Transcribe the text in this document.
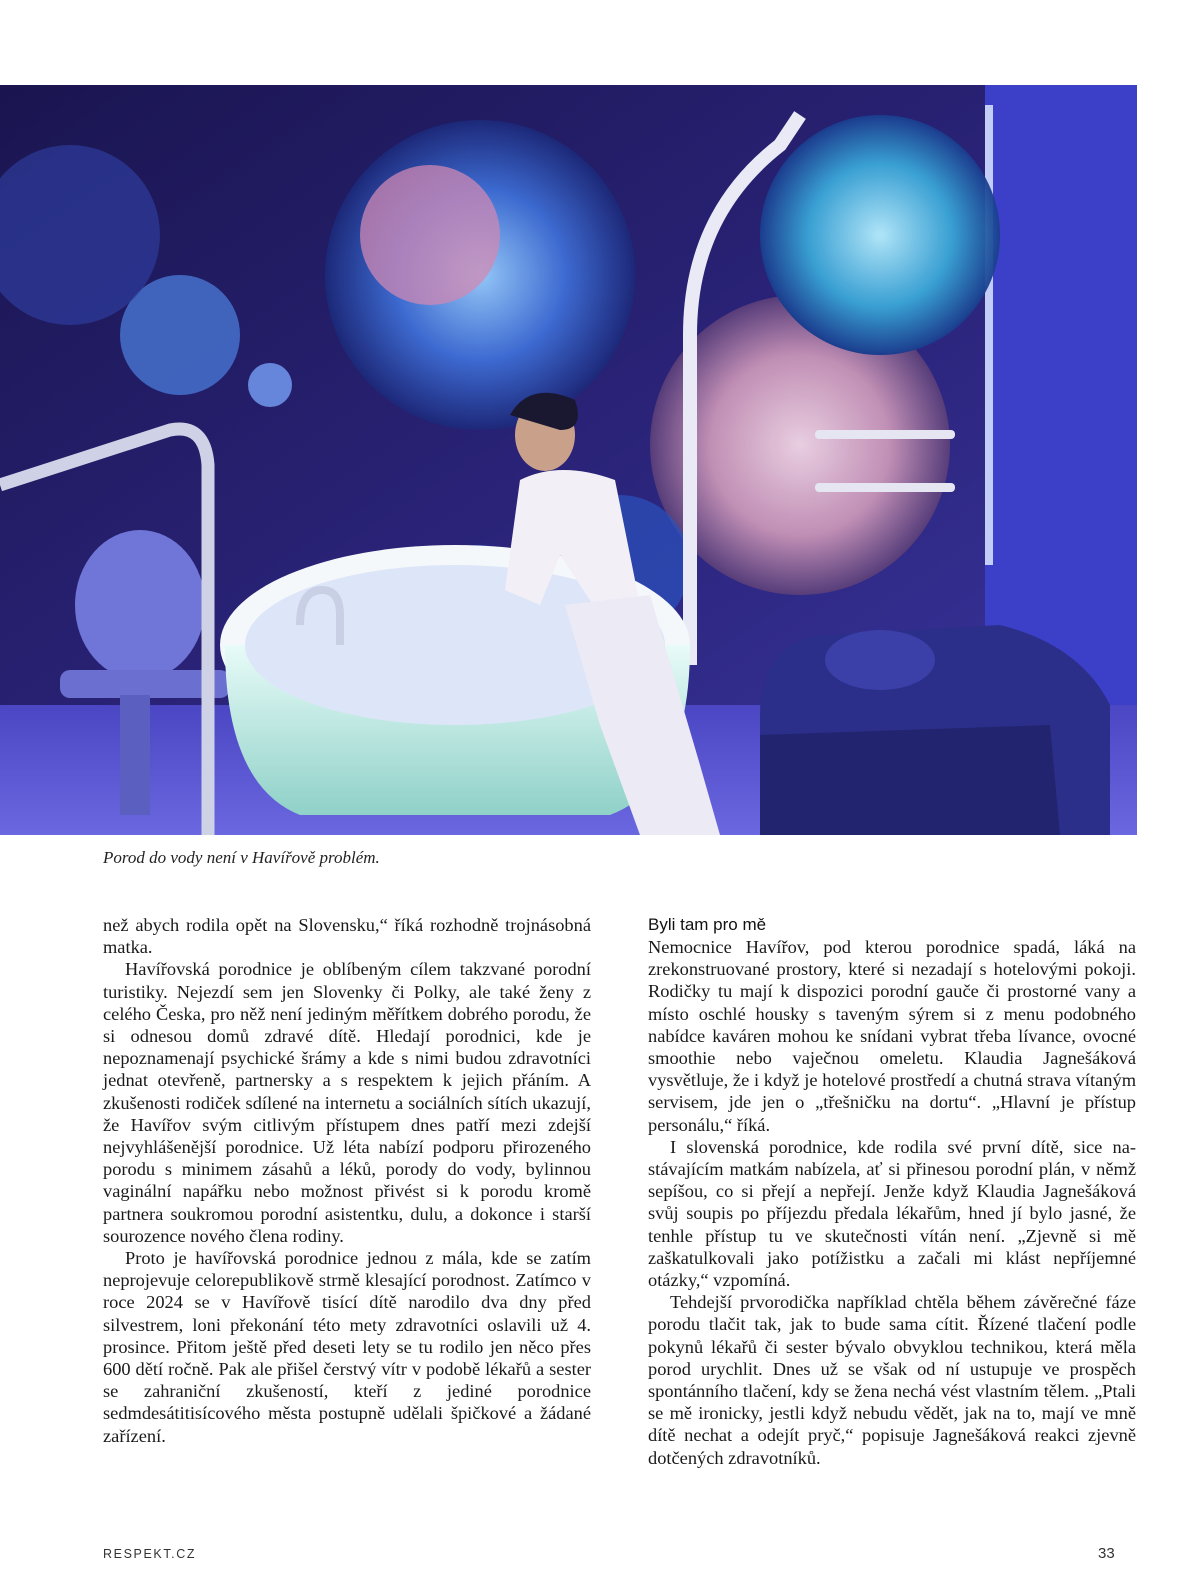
Porod do vody není v Havířově problém.

než abych rodila opět na Slovensku,“ říká rozhodně trojnásobná matka.

Havířovská porodnice je oblíbeným cílem takzvané porodní turistiky. Nejezdí sem jen Slovenky či Polky, ale také ženy z celého Česka, pro něž není jediným měřítkem dobrého porodu, že si odnesou domů zdravé dítě. Hledají porodnici, kde je nepoznamenají psychické šrámy a kde s nimi budou zdravotníci jednat otevřeně, partnersky a s respektem k jejich přáním. A zkušenosti rodiček sdílené na internetu a sociálních sítích ukazují, že Havířov svým citlivým přístupem dnes patří mezi zdejší nejvyhlášenější porodnice. Už léta nabízí podporu přirozeného porodu s minimem zásahů a léků, porody do vody, bylinnou vaginální napářku nebo možnost přivést si k porodu kromě partnera soukromou porodní asistentku, dulu, a dokonce i starší sourozence nového člena rodiny.

Proto je havířovská porodnice jednou z mála, kde se zatím neprojevuje celorepublikově strmě klesající porodnost. Zatímco v roce 2024 se v Havířově tisící dítě narodilo dva dny před silvestrem, loni překonání této mety zdravotníci oslavili už 4. prosince. Přitom ještě před deseti lety se tu rodilo jen něco přes 600 dětí ročně. Pak ale přišel čerstvý vítr v podobě lékařů a sester se zahraniční zkušeností, kteří z jediné porodnice sedmdesátitisícového města postupně udělali špičkové a žádané zařízení.

Byli tam pro mě

Nemocnice Havířov, pod kterou porodnice spadá, láká na zrekonstruované prostory, které si nezadají s hotelovými pokoji. Rodičky tu mají k dispozici porodní gauče či prostorné vany a místo oschlé housky s taveným sýrem si z menu podobného nabídce kaváren mohou ke snídani vybrat třeba lívance, ovocné smoothie nebo vaječnou omeletu. Klaudia Jagnešáková vysvětluje, že i když je hotelové prostředí a chutná strava vítaným servisem, jde jen o „třešničku na dortu“. „Hlavní je přístup personálu,“ říká.

I slovenská porodnice, kde rodila své první dítě, sice nastávajícím matkám nabízela, ať si přinesou porodní plán, v němž sepíšou, co si přejí a nepřejí. Jenže když Klaudia Jagnešáková svůj soupis po příjezdu předala lékařům, hned jí bylo jasné, že tenhle přístup tu ve skutečnosti vítán není. „Zjevně si mě zaškatulkovali jako potížistku a začali mi klást nepříjemné otázky,“ vzpomíná.

Tehdejší prvorodička například chtěla během závěrečné fáze porodu tlačit tak, jak to bude sama cítit. Řízené tlačení podle pokynů lékařů či sester bývalo obvyklou technikou, která měla porod urychlit. Dnes už se však od ní ustupuje ve prospěch spontánního tlačení, kdy se žena nechá vést vlastním tělem. „Ptali se mě ironicky, jestli když nebudu vědět, jak na to, mají ve mně dítě nechat a odejít pryč,“ popisuje Jagnešáková reakci zjevně dotčených zdravotníků.

RESPEKT.CZ	33
